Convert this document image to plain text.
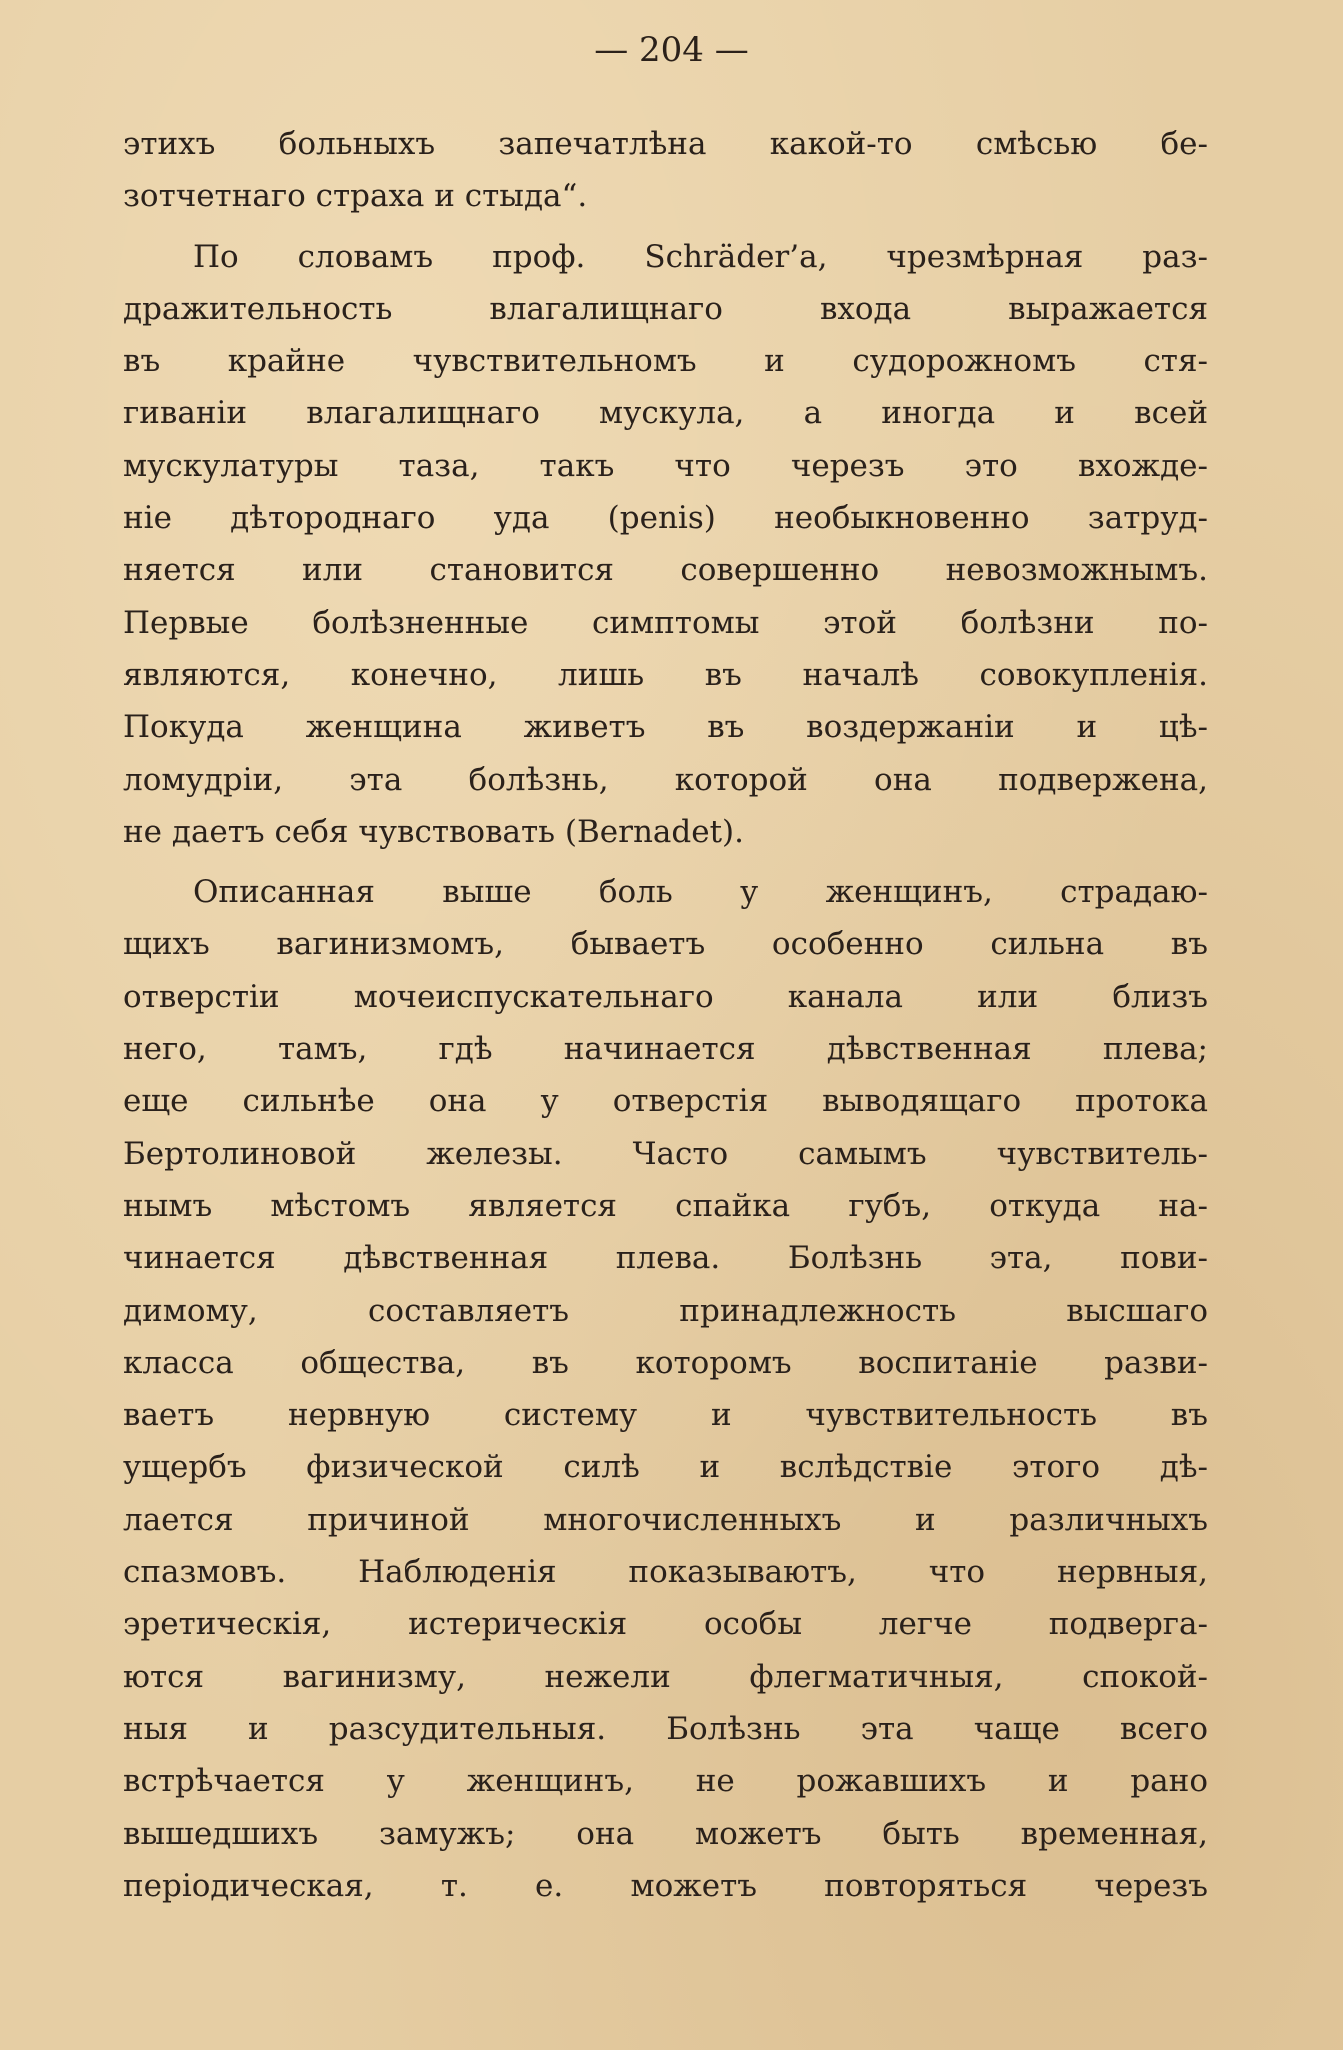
— 204 —

этихъ больныхъ запечатлѣна какой-то смѣсью бе-
зотчетнаго страха и стыда“.
По словамъ проф. Schräder’a, чрезмѣрная раз-
дражительность влагалищнаго входа выражается
въ крайне чувствительномъ и судорожномъ стя-
гиванiи влагалищнаго мускула, а иногда и всей
мускулатуры таза, такъ что черезъ это вхожде-
нiе дѣтороднаго уда (penis) необыкновенно затруд-
няется или становится совершенно невозможнымъ.
Первые болѣзненные симптомы этой болѣзни по-
являются, конечно, лишь въ началѣ совокупленiя.
Покуда женщина живетъ въ воздержанiи и цѣ-
ломудрiи, эта болѣзнь, которой она подвержена,
не даетъ себя чувствовать (Bernadet).
Описанная выше боль у женщинъ, страдаю-
щихъ вагинизмомъ, бываетъ особенно сильна въ
отверстiи мочеиспускательнаго канала или близъ
него, тамъ, гдѣ начинается дѣвственная плева;
еще сильнѣе она у отверстiя выводящаго протока
Бертолиновой железы. Часто самымъ чувствитель-
нымъ мѣстомъ является спайка губъ, откуда на-
чинается дѣвственная плева. Болѣзнь эта, пови-
димому, составляетъ принадлежность высшаго
класса общества, въ которомъ воспитанiе разви-
ваетъ нервную систему и чувствительность въ
ущербъ физической силѣ и вслѣдствiе этого дѣ-
лается причиной многочисленныхъ и различныхъ
спазмовъ. Наблюденiя показываютъ, что нервныя,
эретическiя, истерическiя особы легче подверга-
ются вагинизму, нежели флегматичныя, спокой-
ныя и разсудительныя. Болѣзнь эта чаще всего
встрѣчается у женщинъ, не рожавшихъ и рано
вышедшихъ замужъ; она можетъ быть временная,
перiодическая, т. е. можетъ повторяться черезъ
